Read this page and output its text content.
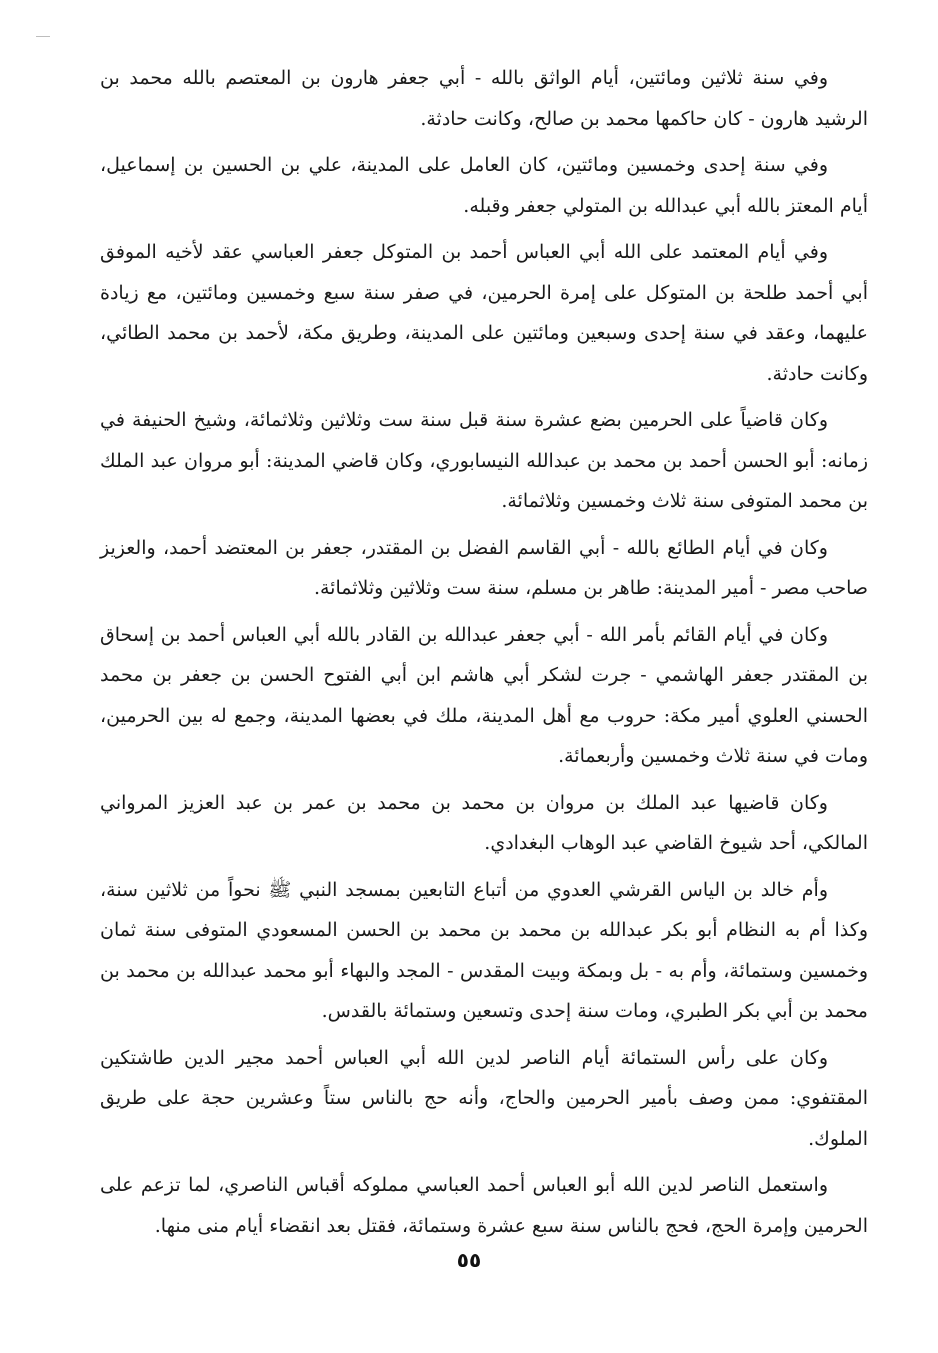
وفي سنة ثلاثين ومائتين، أيام الواثق بالله - أبي جعفر هارون بن المعتصم بالله محمد بن الرشيد هارون - كان حاكمها محمد بن صالح، وكانت حادثة.

وفي سنة إحدى وخمسين ومائتين، كان العامل على المدينة، علي بن الحسين بن إسماعيل، أيام المعتز بالله أبي عبدالله بن المتولي جعفر وقبله.

وفي أيام المعتمد على الله أبي العباس أحمد بن المتوكل جعفر العباسي عقد لأخيه الموفق أبي أحمد طلحة بن المتوكل على إمرة الحرمين، في صفر سنة سبع وخمسين ومائتين، مع زيادة عليهما، وعقد في سنة إحدى وسبعين ومائتين على المدينة، وطريق مكة، لأحمد بن محمد الطائي، وكانت حادثة.

وكان قاضياً على الحرمين بضع عشرة سنة قبل سنة ست وثلاثين وثلاثمائة، وشيخ الحنيفة في زمانه: أبو الحسن أحمد بن محمد بن عبدالله النيسابوري، وكان قاضي المدينة: أبو مروان عبد الملك بن محمد المتوفى سنة ثلاث وخمسين وثلاثمائة.

وكان في أيام الطائع بالله - أبي القاسم الفضل بن المقتدر، جعفر بن المعتضد أحمد، والعزيز صاحب مصر - أمير المدينة: طاهر بن مسلم، سنة ست وثلاثين وثلاثمائة.

وكان في أيام القائم بأمر الله - أبي جعفر عبدالله بن القادر بالله أبي العباس أحمد بن إسحاق بن المقتدر جعفر الهاشمي - جرت لشكر أبي هاشم ابن أبي الفتوح الحسن بن جعفر بن محمد الحسني العلوي أمير مكة: حروب مع أهل المدينة، ملك في بعضها المدينة، وجمع له بين الحرمين، ومات في سنة ثلاث وخمسين وأربعمائة.

وكان قاضيها عبد الملك بن مروان بن محمد بن محمد بن عمر بن عبد العزيز المرواني المالكي، أحد شيوخ القاضي عبد الوهاب البغدادي.

وأم خالد بن الياس القرشي العدوي من أتباع التابعين بمسجد النبي ﷺ نحواً من ثلاثين سنة، وكذا أم به النظام أبو بكر عبدالله بن محمد بن محمد بن الحسن المسعودي المتوفى سنة ثمان وخمسين وستمائة، وأم به - بل وبمكة وبيت المقدس - المجد والبهاء أبو محمد عبدالله بن محمد بن محمد بن أبي بكر الطبري، ومات سنة إحدى وتسعين وستمائة بالقدس.

وكان على رأس الستمائة أيام الناصر لدين الله أبي العباس أحمد مجير الدين طاشتكين المقتفوي: ممن وصف بأمير الحرمين والحاج، وأنه حج بالناس ستاً وعشرين حجة على طريق الملوك.

واستعمل الناصر لدين الله أبو العباس أحمد العباسي مملوكه أقباس الناصري، لما تزعم على الحرمين وإمرة الحج، فحج بالناس سنة سبع عشرة وستمائة، فقتل بعد انقضاء أيام منى منها.

٥٥
